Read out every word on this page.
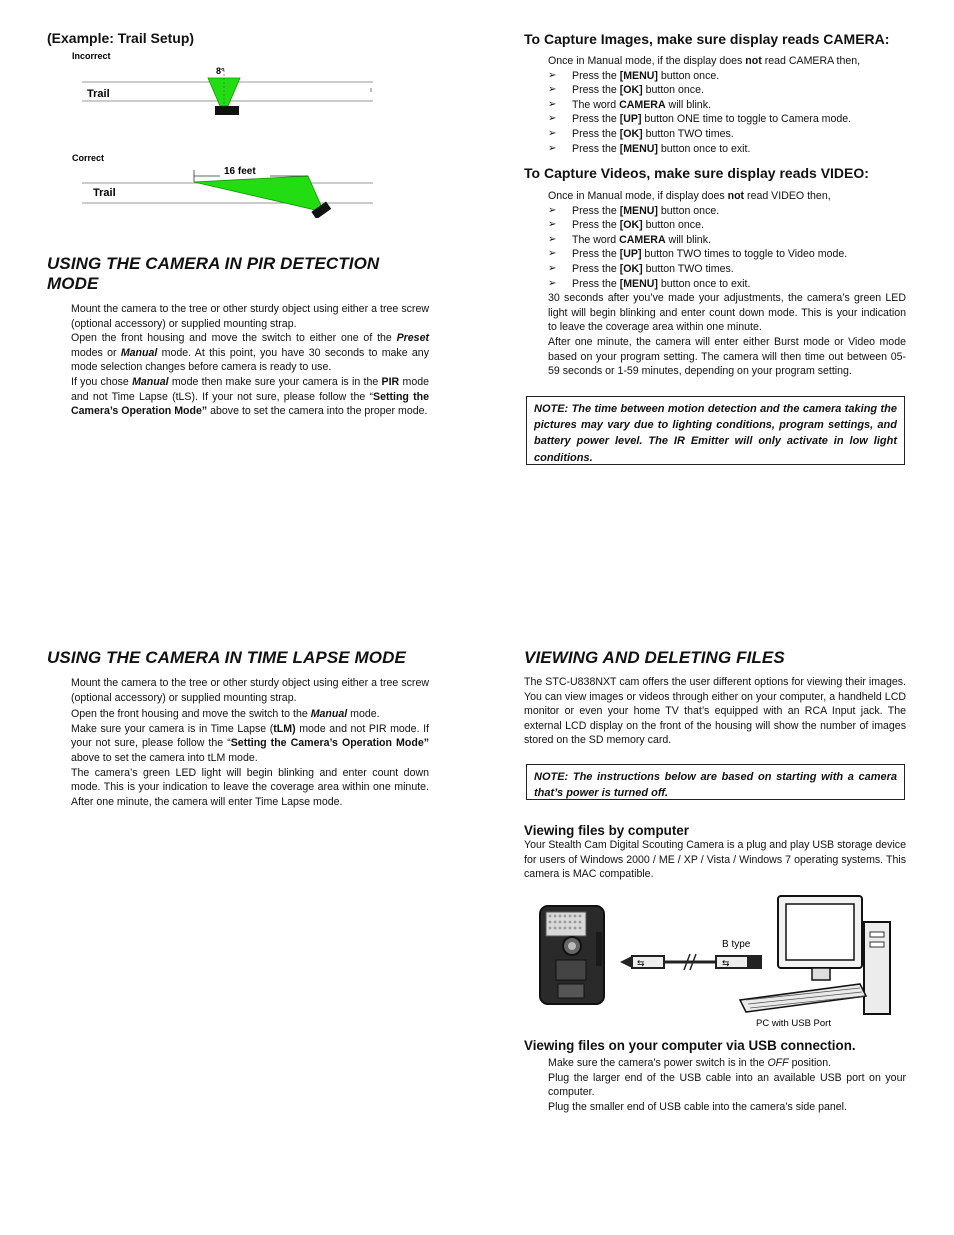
(Example: Trail Setup)

Incorrect
Trail
8°
Correct
Trail
16 feet

USING THE CAMERA IN PIR DETECTION MODE

Mount the camera to the tree or other sturdy object using either a tree screw (optional accessory) or supplied mounting strap.

Open the front housing and move the switch to either one of the Preset modes or Manual mode. At this point, you have 30 seconds to make any mode selection changes before camera is ready to use.

If you chose Manual mode then make sure your camera is in the PIR mode and not Time Lapse (tLS). If your not sure, please follow the “Setting the Camera’s Operation Mode” above to set the camera into the proper mode.

USING THE CAMERA IN TIME LAPSE MODE

Mount the camera to the tree or other sturdy object using either a tree screw (optional accessory) or supplied mounting strap.

Open the front housing and move the switch to the Manual mode.

Make sure your camera is in Time Lapse (tLM) mode and not PIR mode. If your not sure, please follow the “Setting the Camera’s Operation Mode” above to set the camera into tLM mode.

The camera’s green LED light will begin blinking and enter count down mode. This is your indication to leave the coverage area within one minute. After one minute, the camera will enter Time Lapse mode.

To Capture Images, make sure display reads CAMERA:

Once in Manual mode, if the display does not read CAMERA then,

➢ Press the [MENU] button once.
➢ Press the [OK] button once.
➢ The word CAMERA will blink.
➢ Press the [UP] button ONE time to toggle to Camera mode.
➢ Press the [OK] button TWO times.
➢ Press the [MENU] button once to exit.

To Capture Videos, make sure display reads VIDEO:

Once in Manual mode, if display does not read VIDEO then,

➢ Press the [MENU] button once.
➢ Press the [OK] button once.
➢ The word CAMERA will blink.
➢ Press the [UP] button TWO times to toggle to Video mode.
➢ Press the [OK] button TWO times.
➢ Press the [MENU] button once to exit.

30 seconds after you’ve made your adjustments, the camera’s green LED light will begin blinking and enter count down mode. This is your indication to leave the coverage area within one minute.

After one minute, the camera will enter either Burst mode or Video mode based on your program setting. The camera will then time out between 05-59 seconds or 1-59 minutes, depending on your program setting.

NOTE: The time between motion detection and the camera taking the pictures may vary due to lighting conditions, program settings, and battery power level. The IR Emitter will only activate in low light conditions.

VIEWING AND DELETING FILES

The STC-U838NXT cam offers the user different options for viewing their images. You can view images or videos through either on your computer, a handheld LCD monitor or even your home TV that’s equipped with an RCA Input jack. The external LCD display on the front of the housing will show the number of images stored on the SD memory card.

NOTE: The instructions below are based on starting with a camera that’s power is turned off.

Viewing files by computer

Your Stealth Cam Digital Scouting Camera is a plug and play USB storage device for users of Windows 2000 / ME / XP / Vista / Windows 7 operating systems. This camera is MAC compatible.

⇆	⇆
B type
PC with USB Port

Viewing files on your computer via USB connection.

Make sure the camera’s power switch is in the OFF position.

Plug the larger end of the USB cable into an available USB port on your computer.

Plug the smaller end of USB cable into the camera’s side panel.
